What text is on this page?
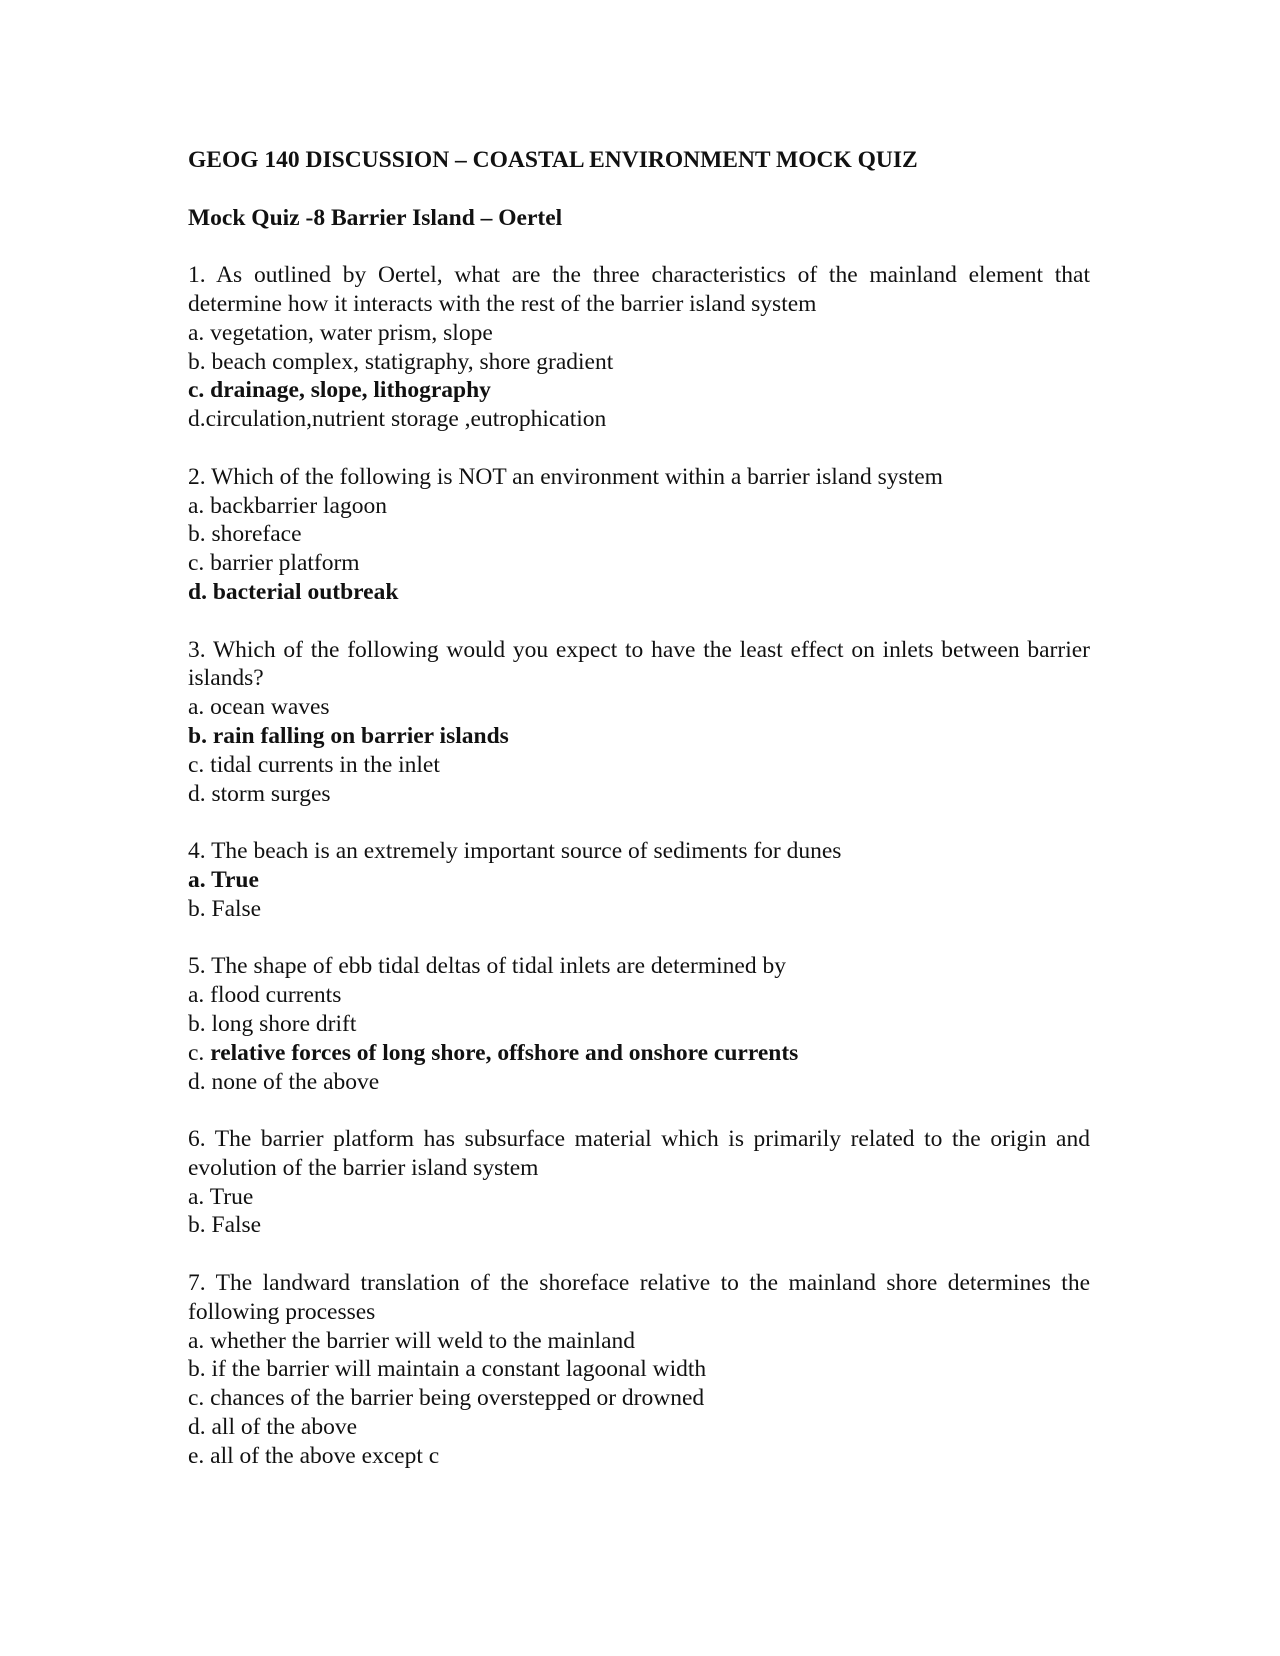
GEOG 140 DISCUSSION – COASTAL ENVIRONMENT MOCK QUIZ

Mock Quiz -8 Barrier Island – Oertel

1. As outlined by Oertel, what are the three characteristics of the mainland element that determine how it interacts with the rest of the barrier island system

a. vegetation, water prism, slope

b. beach complex, statigraphy, shore gradient

c. drainage, slope, lithography

d.circulation,nutrient storage ,eutrophication

2. Which of the following is NOT an environment within a barrier island system

a. backbarrier lagoon

b. shoreface

c. barrier platform

d. bacterial outbreak

3. Which of the following would you expect to have the least effect on inlets between barrier islands?

a. ocean waves

b. rain falling on barrier islands

c. tidal currents in the inlet

d. storm surges

4. The beach is an extremely important source of sediments for dunes

a. True

b. False

5. The shape of ebb tidal deltas of tidal inlets are determined by

a. flood currents

b. long shore drift

c. relative forces of long shore, offshore and onshore currents

d. none of the above

6. The barrier platform has subsurface material which is primarily related to the origin and evolution of the barrier island system

a. True

b. False

7. The landward translation of the shoreface relative to the mainland shore determines the following processes

a. whether the barrier will weld to the mainland

b. if the barrier will maintain a constant lagoonal width

c. chances of the barrier being overstepped or drowned

d. all of the above

e. all of the above except c
